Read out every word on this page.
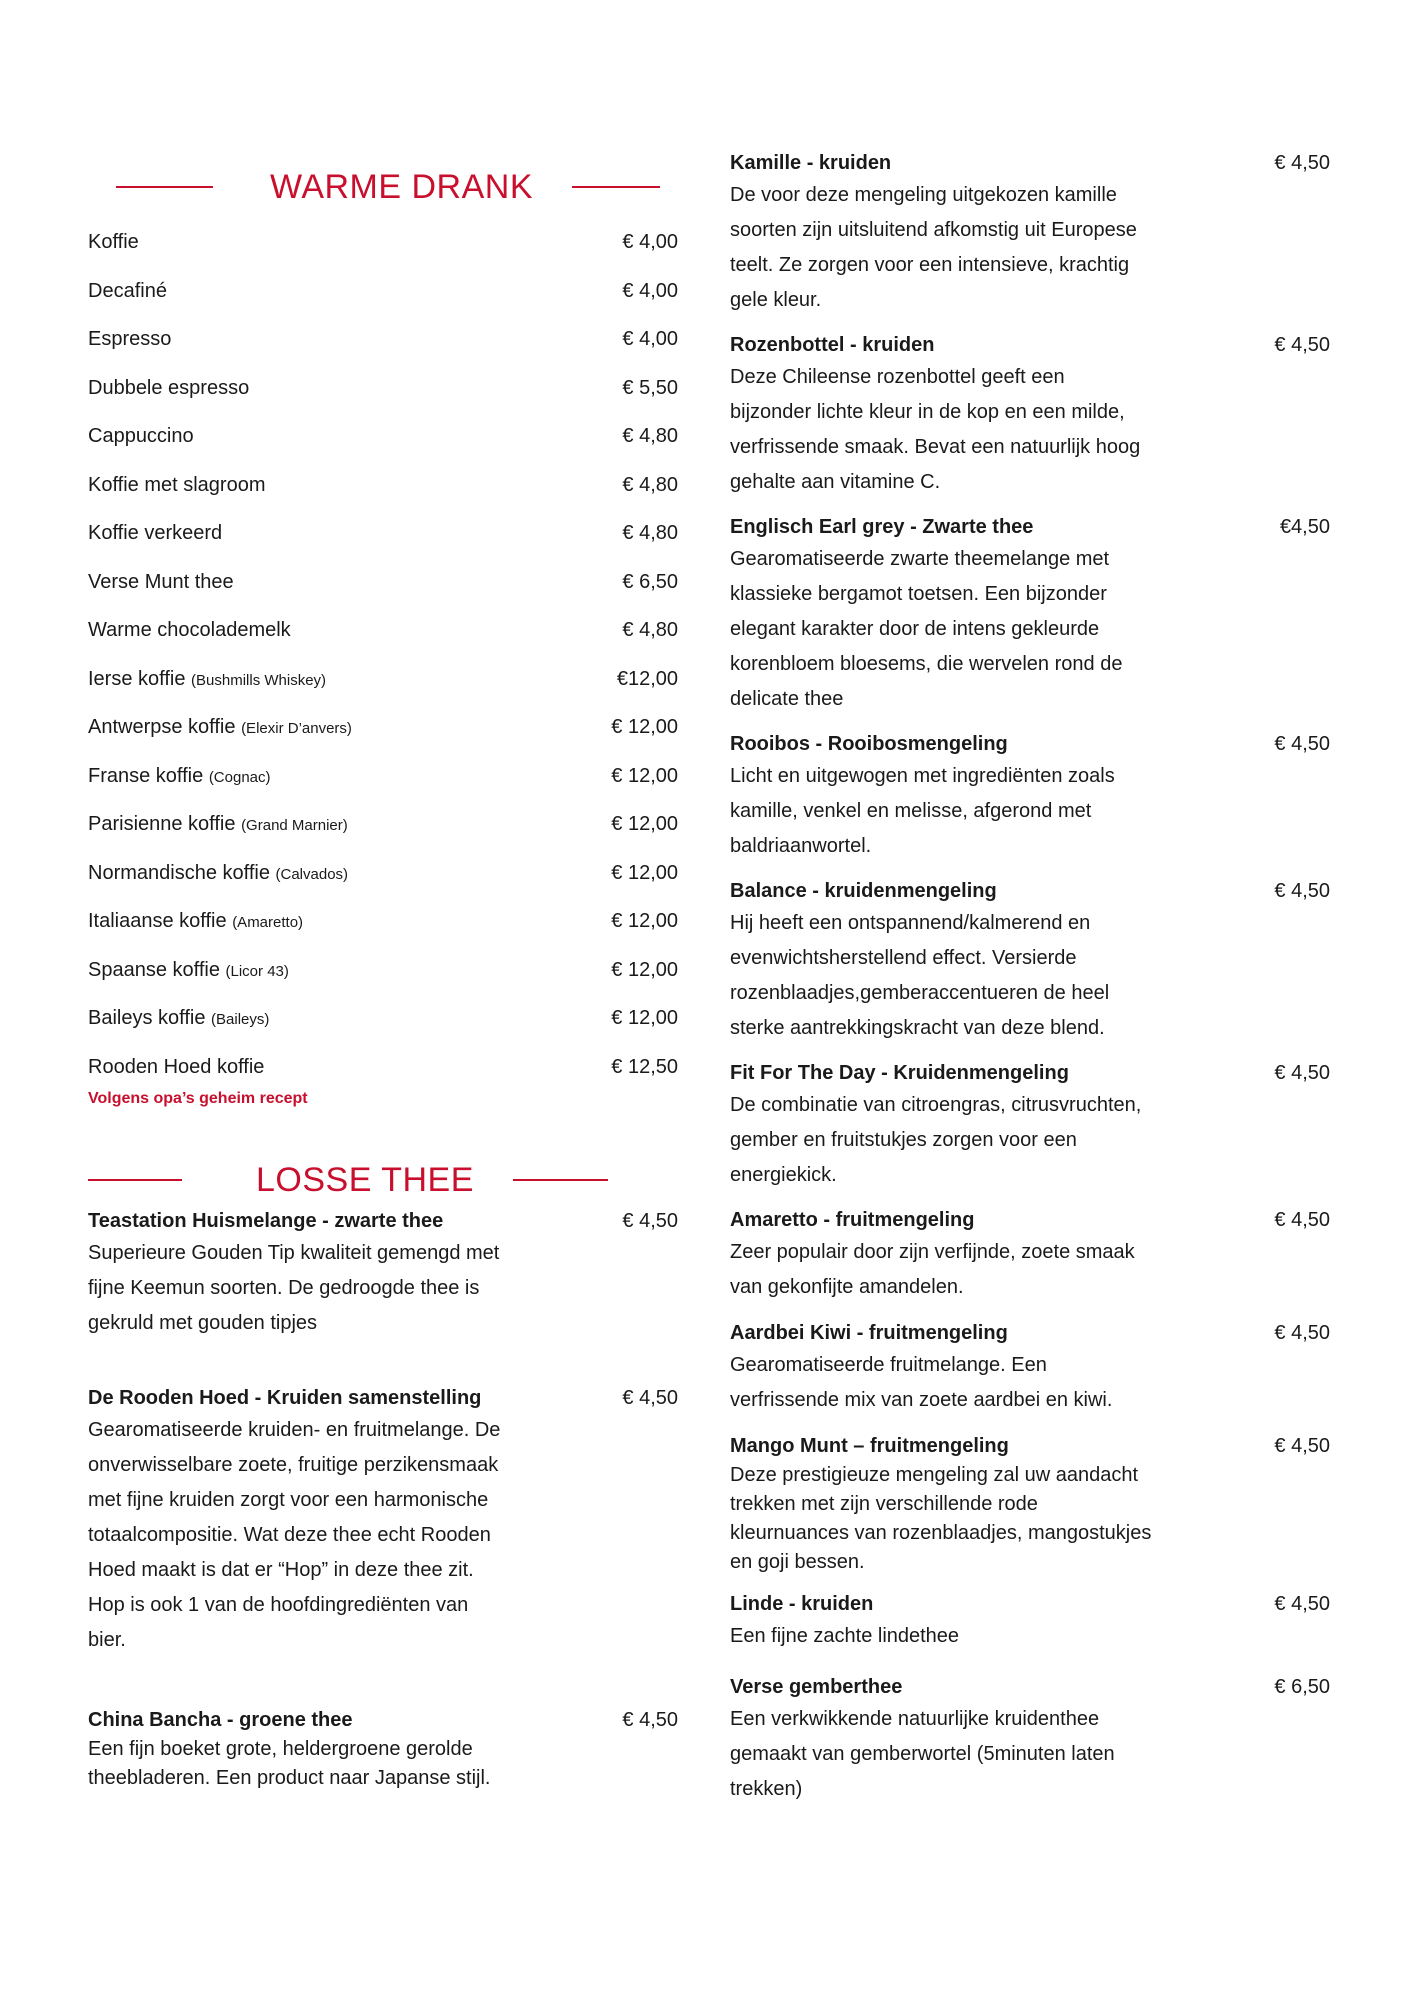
WARME DRANK
Koffie	€ 4,00
Decafiné	€ 4,00
Espresso	€ 4,00
Dubbele espresso	€ 5,50
Cappuccino	€ 4,80
Koffie met slagroom	€ 4,80
Koffie verkeerd	€ 4,80
Verse Munt thee	€ 6,50
Warme chocolademelk	€ 4,80
Ierse koffie (Bushmills Whiskey)	€12,00
Antwerpse koffie (Elexir D’anvers)	€ 12,00
Franse koffie (Cognac)	€ 12,00
Parisienne koffie (Grand Marnier)	€ 12,00
Normandische koffie (Calvados)	€ 12,00
Italiaanse koffie (Amaretto)	€ 12,00
Spaanse koffie (Licor 43)	€ 12,00
Baileys koffie (Baileys)	€ 12,00
Rooden Hoed koffie	€ 12,50
Volgens opa’s geheim recept
LOSSE THEE
Teastation Huismelange - zwarte thee	€ 4,50
Superieure Gouden Tip kwaliteit gemengd met
fijne Keemun soorten. De gedroogde thee is
gekruld met gouden tipjes
De Rooden Hoed - Kruiden samenstelling	€ 4,50
Gearomatiseerde kruiden- en fruitmelange. De
onverwisselbare zoete, fruitige perzikensmaak
met fijne kruiden zorgt voor een harmonische
totaalcompositie. Wat deze thee echt Rooden
Hoed maakt is dat er “Hop” in deze thee zit.
Hop is ook 1 van de hoofdingrediënten van
bier.
China Bancha - groene thee	€ 4,50
Een fijn boeket grote, heldergroene gerolde
theebladeren. Een product naar Japanse stijl.
Kamille - kruiden	€ 4,50
De voor deze mengeling uitgekozen kamille
soorten zijn uitsluitend afkomstig uit Europese
teelt. Ze zorgen voor een intensieve, krachtig
gele kleur.
Rozenbottel - kruiden	€ 4,50
Deze Chileense rozenbottel geeft een
bijzonder lichte kleur in de kop en een milde,
verfrissende smaak. Bevat een natuurlijk hoog
gehalte aan vitamine C.
Englisch Earl grey - Zwarte thee	€4,50
Gearomatiseerde zwarte theemelange met
klassieke bergamot toetsen. Een bijzonder
elegant karakter door de intens gekleurde
korenbloem bloesems, die wervelen rond de
delicate thee
Rooibos - Rooibosmengeling	€ 4,50
Licht en uitgewogen met ingrediënten zoals
kamille, venkel en melisse, afgerond met
baldriaanwortel.
Balance - kruidenmengeling	€ 4,50
Hij heeft een ontspannend/kalmerend en
evenwichtsherstellend effect. Versierde
rozenblaadjes,gemberaccentueren de heel
sterke aantrekkingskracht van deze blend.
Fit For The Day - Kruidenmengeling	€ 4,50
De combinatie van citroengras, citrusvruchten,
gember en fruitstukjes zorgen voor een
energiekick.
Amaretto - fruitmengeling	€ 4,50
Zeer populair door zijn verfijnde, zoete smaak
van gekonfijte amandelen.
Aardbei Kiwi - fruitmengeling	€ 4,50
Gearomatiseerde fruitmelange. Een
verfrissende mix van zoete aardbei en kiwi.
Mango Munt – fruitmengeling	€ 4,50
Deze prestigieuze mengeling zal uw aandacht
trekken met zijn verschillende rode
kleurnuances van rozenblaadjes, mangostukjes
en goji bessen.
Linde - kruiden	€ 4,50
Een fijne zachte lindethee
Verse gemberthee	€ 6,50
Een verkwikkende natuurlijke kruidenthee
gemaakt van gemberwortel (5minuten laten
trekken)
